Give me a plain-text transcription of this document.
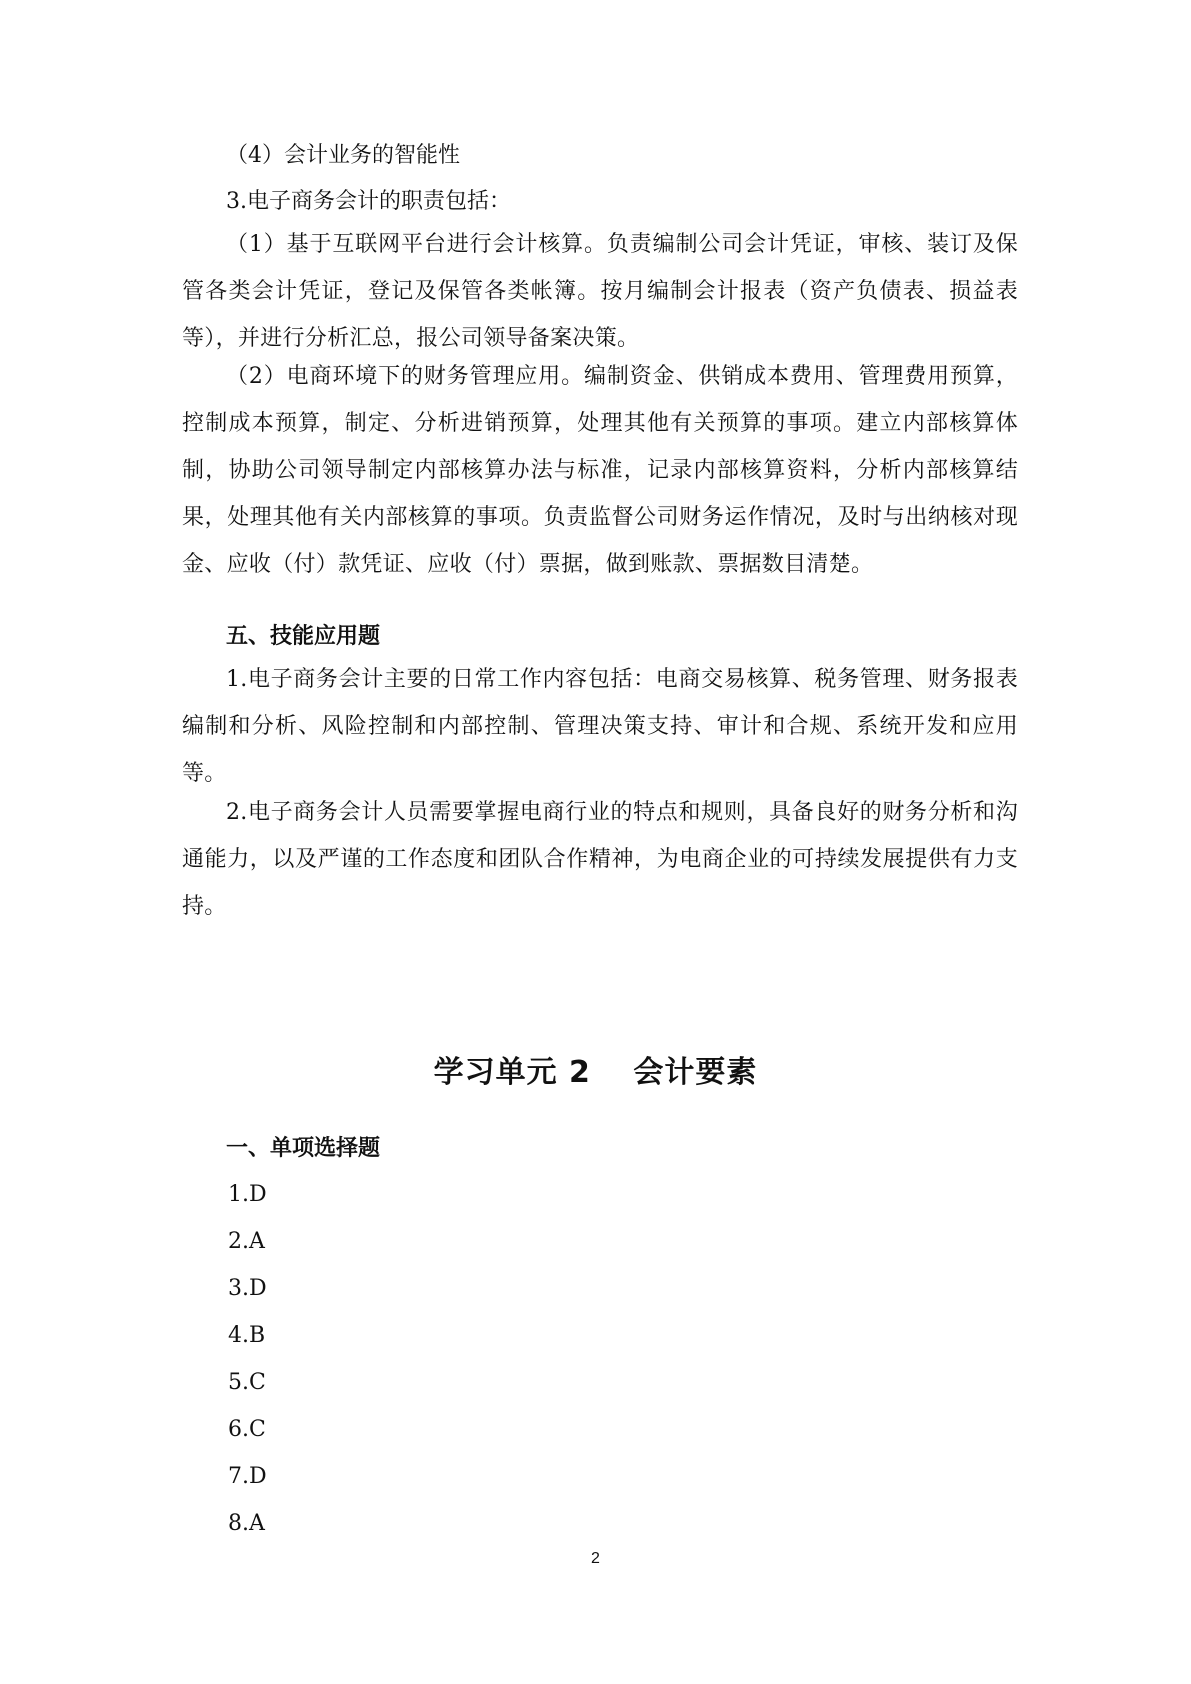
（4）会计业务的智能性
3.电子商务会计的职责包括：
（1）基于互联网平台进行会计核算。负责编制公司会计凭证，审核、装订及保管各类会计凭证，登记及保管各类帐簿。按月编制会计报表（资产负债表、损益表等），并进行分析汇总，报公司领导备案决策。
（2）电商环境下的财务管理应用。编制资金、供销成本费用、管理费用预算，控制成本预算，制定、分析进销预算，处理其他有关预算的事项。建立内部核算体制，协助公司领导制定内部核算办法与标准，记录内部核算资料，分析内部核算结果，处理其他有关内部核算的事项。负责监督公司财务运作情况，及时与出纳核对现金、应收（付）款凭证、应收（付）票据，做到账款、票据数目清楚。
五、技能应用题
1.电子商务会计主要的日常工作内容包括：电商交易核算、税务管理、财务报表编制和分析、风险控制和内部控制、管理决策支持、审计和合规、系统开发和应用等。
2.电子商务会计人员需要掌握电商行业的特点和规则，具备良好的财务分析和沟通能力，以及严谨的工作态度和团队合作精神，为电商企业的可持续发展提供有力支持。
学习单元 2　 会计要素
一、单项选择题
1.D
2.A
3.D
4.B
5.C
6.C
7.D
8.A
2
